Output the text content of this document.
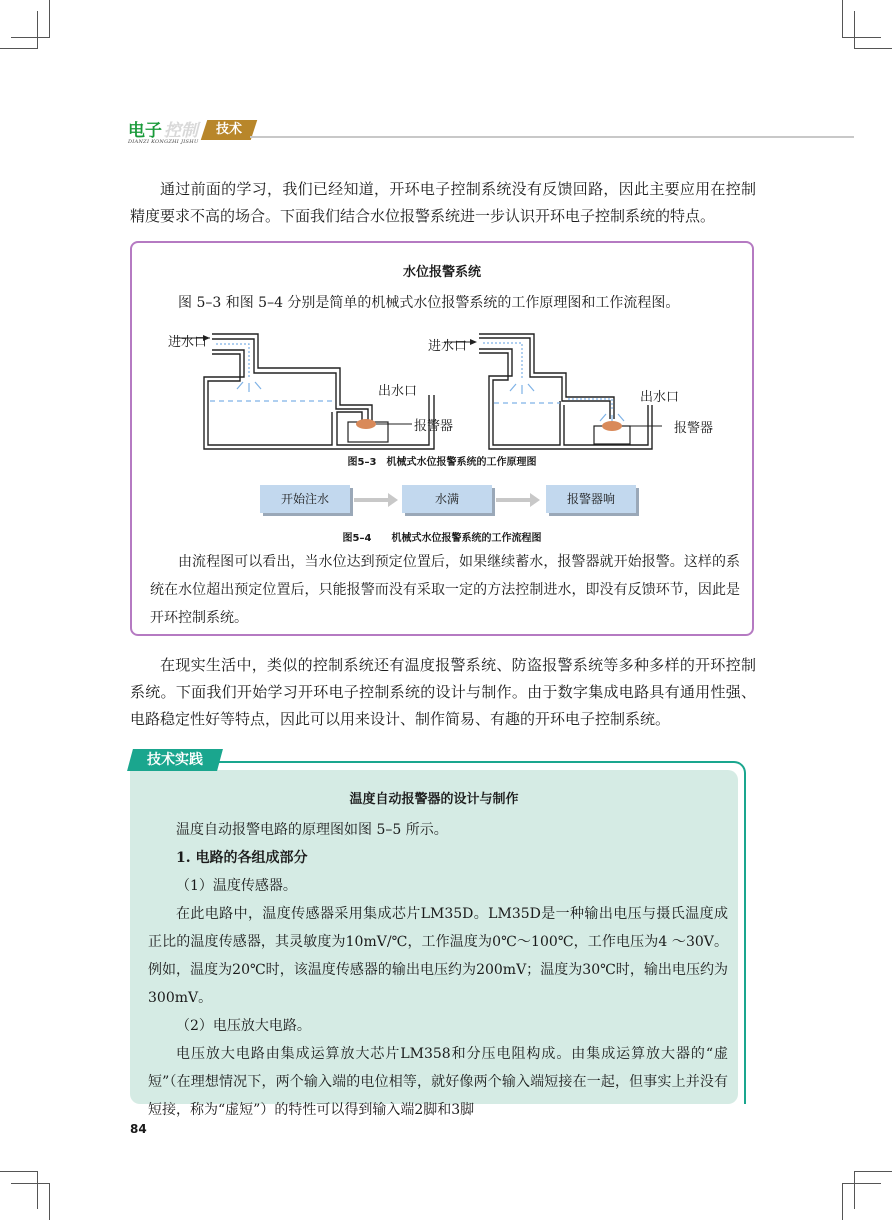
电子 控制	技术
DIANZI KONGZHI JISHU

通过前面的学习，我们已经知道，开环电子控制系统没有反馈回路，因此主要应用在控制精度要求不高的场合。下面我们结合水位报警系统进一步认识开环电子控制系统的特点。

水位报警系统
图 5–3 和图 5–4 分别是简单的机械式水位报警系统的工作原理图和工作流程图。
进水口
出水口
报警器
进水口
出水口
报警器
图5–3　机械式水位报警系统的工作原理图
开始注水	水满	报警器响
图5–4　　机械式水位报警系统的工作流程图
由流程图可以看出，当水位达到预定位置后，如果继续蓄水，报警器就开始报警。这样的系统在水位超出预定位置后，只能报警而没有采取一定的方法控制进水，即没有反馈环节，因此是开环控制系统。

在现实生活中，类似的控制系统还有温度报警系统、防盗报警系统等多种多样的开环控制系统。下面我们开始学习开环电子控制系统的设计与制作。由于数字集成电路具有通用性强、电路稳定性好等特点，因此可以用来设计、制作简易、有趣的开环电子控制系统。

技术实践
温度自动报警器的设计与制作

温度自动报警电路的原理图如图 5–5 所示。

1. 电路的各组成部分

（1）温度传感器。

在此电路中，温度传感器采用集成芯片LM35D。LM35D是一种输出电压与摄氏温度成正比的温度传感器，其灵敏度为10mV/℃，工作温度为0℃～100℃，工作电压为4 ～30V。例如，温度为20℃时，该温度传感器的输出电压约为200mV；温度为30℃时，输出电压约为300mV。

（2）电压放大电路。

电压放大电路由集成运算放大芯片LM358和分压电阻构成。由集成运算放大器的“虚短”（在理想情况下，两个输入端的电位相等，就好像两个输入端短接在一起，但事实上并没有短接，称为“虚短”）的特性可以得到输入端2脚和3脚

84
